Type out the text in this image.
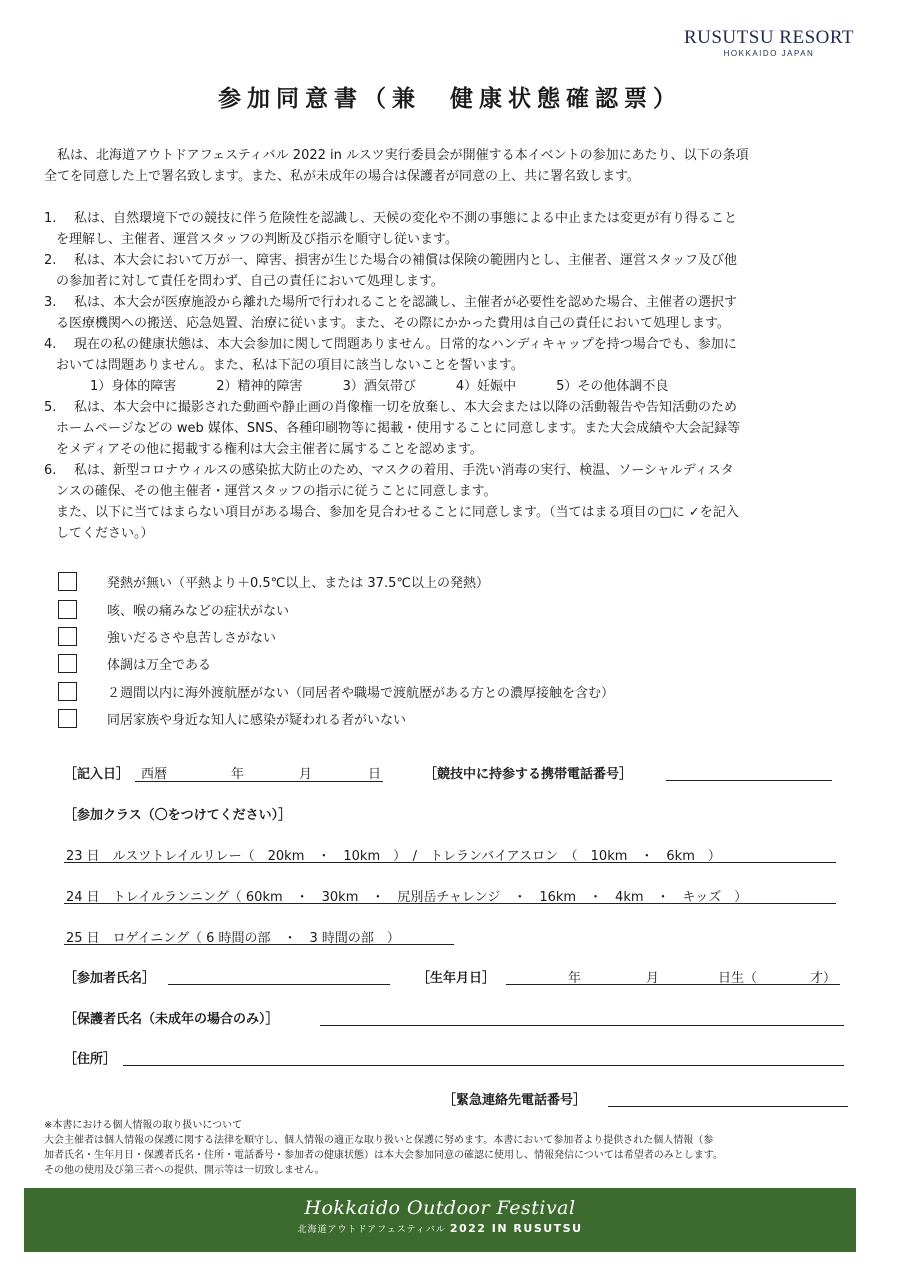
RUSUTSU RESORT
HOKKAIDO JAPAN
参加同意書（兼　健康状態確認票）
　私は、北海道アウトドアフェスティバル 2022 in ルスツ実行委員会が開催する本イベントの参加にあたり、以下の条項
全てを同意した上で署名致します。また、私が未成年の場合は保護者が同意の上、共に署名致します。
1.	私は、自然環境下での競技に伴う危険性を認識し、天候の変化や不測の事態による中止または変更が有り得ること
を理解し、主催者、運営スタッフの判断及び指示を順守し従います。
2.	私は、本大会において万が一、障害、損害が生じた場合の補償は保険の範囲内とし、主催者、運営スタッフ及び他
の参加者に対して責任を問わず、自己の責任において処理します。
3.	私は、本大会が医療施設から離れた場所で行われることを認識し、主催者が必要性を認めた場合、主催者の選択す
る医療機関への搬送、応急処置、治療に従います。また、その際にかかった費用は自己の責任において処理します。
4.	現在の私の健康状態は、本大会参加に関して問題ありません。日常的なハンディキャップを持つ場合でも、参加に
おいては問題ありません。また、私は下記の項目に該当しないことを誓います。
1）身体的障害	2）精神的障害	3）酒気帯び	4）妊娠中	5）その他体調不良
5.	私は、本大会中に撮影された動画や静止画の肖像権一切を放棄し、本大会または以降の活動報告や告知活動のため
ホームページなどの web 媒体、SNS、各種印刷物等に掲載・使用することに同意します。また大会成績や大会記録等
をメディアその他に掲載する権利は大会主催者に属することを認めます。
6.	私は、新型コロナウィルスの感染拡大防止のため、マスクの着用、手洗い消毒の実行、検温、ソーシャルディスタ
ンスの確保、その他主催者・運営スタッフの指示に従うことに同意します。
また、以下に当てはまらない項目がある場合、参加を見合わせることに同意します。（当てはまる項目の□に ✓を記入
してください。）
発熱が無い（平熱より＋0.5℃以上、または 37.5℃以上の発熱）
咳、喉の痛みなどの症状がない
強いだるさや息苦しさがない
体調は万全である
２週間以内に海外渡航歴がない（同居者や職場で渡航歴がある方との濃厚接触を含む）
同居家族や身近な知人に感染が疑われる者がいない
［記入日］ 西暦	年	月	日	［競技中に持参する携帯電話番号］
［参加クラス（〇をつけてください）］
23 日　ルスツトレイルリレー（　20km　・　10km　）　/　トレランバイアスロン　（　10km　・　6km　）
24 日　トレイルランニング（ 60km　・　30km　・　尻別岳チャレンジ　・　16km　・　4km　・　キッズ　）
25 日　ロゲイニング（ 6 時間の部　・　3 時間の部　）
［参加者氏名］	［生年月日］	年	月	日生（	才）
［保護者氏名（未成年の場合のみ）］
［住所］
［緊急連絡先電話番号］
※本書における個人情報の取り扱いについて
大会主催者は個人情報の保護に関する法律を順守し、個人情報の適正な取り扱いと保護に努めます。本書において参加者より提供された個人情報（参
加者氏名・生年月日・保護者氏名・住所・電話番号・参加者の健康状態）は本大会参加同意の確認に使用し、情報発信については希望者のみとします。
その他の使用及び第三者への提供、開示等は一切致しません。
Hokkaido Outdoor Festival
北海道アウトドアフェスティバル 2022 IN RUSUTSU
